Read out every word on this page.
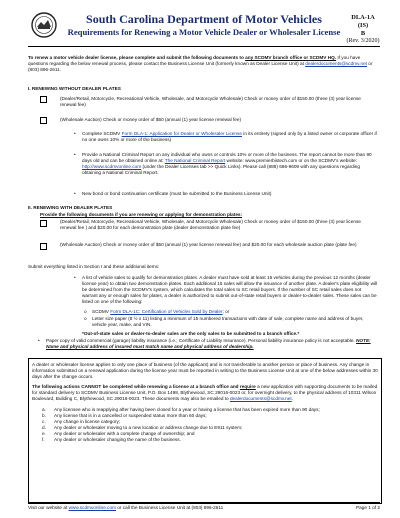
South Carolina Department of Motor Vehicles
Requirements for Renewing a Motor Vehicle Dealer or Wholesaler License
DLA-1A (IS)
B
(Rev. 3/2020)

To renew a motor vehicle dealer license, please complete and submit the following documents to any SCDMV branch office or SCDMV HQ. If you have questions regarding the below renewal process, please contact the Business License Unit (formerly known as Dealer License Unit) at dealerdocuments@scdmv.net or (803) 896-2611.

I. RENEWING WITHOUT DEALER PLATES

(Dealer/Retail, Motorcycle, Recreational Vehicle, Wholesale, and Motorcycle Wholesale) Check or money order of $150.00 (three (3) year license renewal fee)

(Wholesale Auction) Check or money order of $50 (annual (1) year license renewal fee)

• Complete SCDMV Form DLA-1: Application for Dealer or Wholesaler License in its entirety (signed only by a listed owner or corporate officer if no one owns 10% or more of the business)

• Provide a National Criminal Report on any individual who owns or controls 10% or more of the business. The report cannot be more than 90 days old and can be obtained online at: The National Criminal Report website: www.premierbistech.com or on the SCDMV's website: http://www.scdmvonline.com (under the Dealer Licenses tab >> Quick Links). Please call (888) 686-9609 with any questions regarding obtaining a National Criminal Report.

• New bond or bond continuation certificate (must be submitted to the Business License Unit)

II. RENEWING WITH DEALER PLATES
Provide the following documents if you are renewing or applying for demonstration plates:

(Dealer/Retail, Motorcycle, Recreational Vehicle, Wholesale, and Motorcycle Wholesale) Check or money order of $150.00 (three (3) year license renewal fee ) and $20.00 for each demonstration plate (dealer demonstration plate fee)

(Wholesale Auction) Check or money order of $50 (annual (1) year license renewal fee) and $20.00 for each wholesale auction plate (plate fee)

Submit everything listed in Section I and these additional items:
• A list of vehicle sales to qualify for demonstration plates. A dealer must have sold at least 15 vehicles during the previous 12 months (dealer license year) to obtain two demonstration plates. Each additional 15 sales will allow the issuance of another plate. A dealer's plate eligibility will be determined from the SCDMV's system, which calculates the total sales to SC retail buyers. If the number of SC retail sales does not warrant any or enough sales for plates, a dealer is authorized to submit out-of-state retail buyers or dealer-to-dealer sales. These sales can be listed on one of the following:

o SCDMV Form DLA-1C: Certification of Vehicles Sold by Dealer; or

o Letter size paper (8 ½ x 11) listing a minimum of 15 numbered transactions with date of sale, complete name and address of buyer, vehicle year, make, and VIN.

*Out-of-state sales or dealer-to-dealer sales are the only sales to be submitted to a branch office.*
• Paper copy of valid commercial (garage) liability insurance (i.e.; Certificate of Liability Insurance). Personal liability insurance policy is not acceptable. NOTE: Name and physical address of insured must match name and physical address of dealership.

A dealer or wholesaler license applies to only one place of business (of the applicant) and is not transferable to another person or place of business. Any change in information submitted on a renewal application during the license year must be reported in writing to the Business License Unit at one of the below addresses within 30 days after the change occurs.

The following actions CANNOT be completed while renewing a license at a branch office and require a new application with supporting documents to be mailed for standard delivery to SCDMV Business License Unit, P.O. Box 1498, Blythewood, SC 29016-0023 or, for overnight delivery, to the physical address of 10311 Wilson Boulevard, Building C, Blythewood, SC 29016-0023. These documents may also be emailed to dealerdocuments@scdmv.net.

a. Any licensee who is reapplying after having been closed for a year or having a license that has been expired more than 90 days;
b. Any license that is in a cancelled or suspended status more than 60 days;
c. Any change in license category;
d. Any dealer or wholesaler moving to a new location or address change due to E911 system;
e. Any dealer or wholesaler with a complete change of ownership; and
f. Any dealer or wholesaler changing the name of the business.
Visit our website at www.scdmvonline.com or call the Business License Unit at (803) 896-2611	Page 1 of 2
